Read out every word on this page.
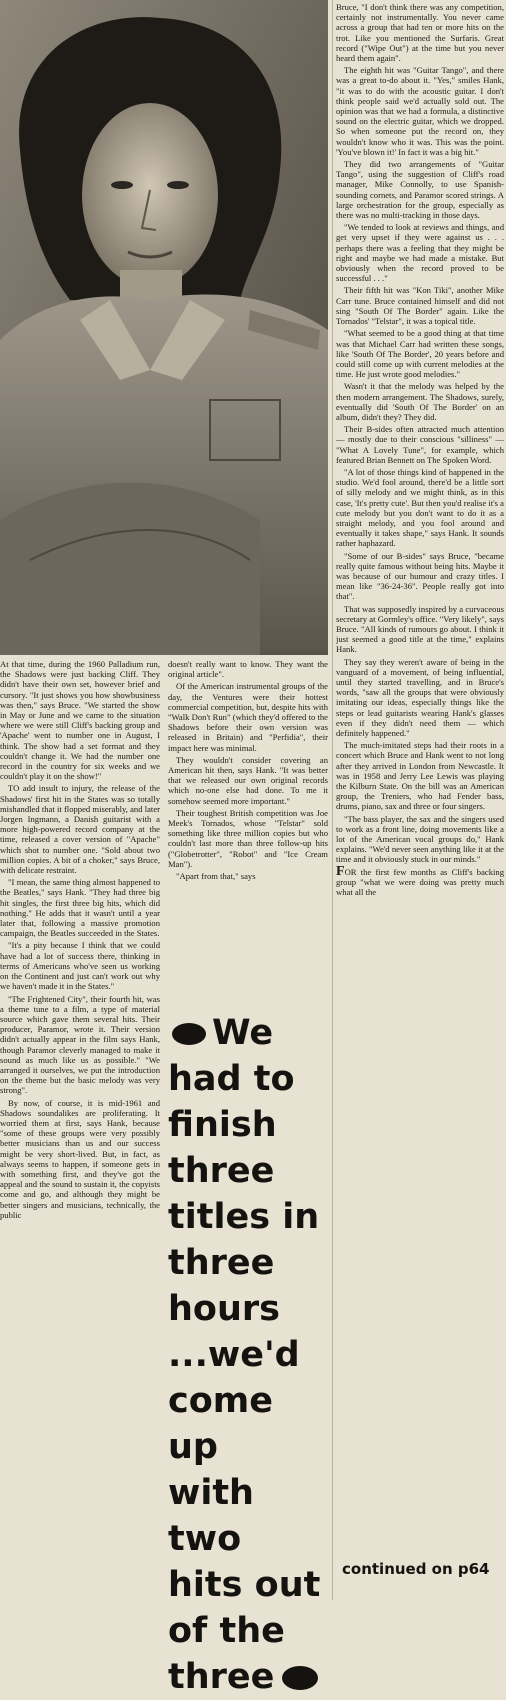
At that time, during the 1960 Palladium run, the Shadows were just backing Cliff. They didn't have their own set, however brief and cursory. "It just shows you how showbusiness was then," says Bruce. "We started the show in May or June and we came to the situation where we were still Cliff's backing group and 'Apache' went to number one in August, I think. The show had a set format and they couldn't change it. We had the number one record in the country for six weeks and we couldn't play it on the show!"

TO add insult to injury, the release of the Shadows' first hit in the States was so totally mishandled that it flopped miserably, and later Jorgen Ingmann, a Danish guitarist with a more high-powered record company at the time, released a cover version of "Apache" which shot to number one. "Sold about two million copies. A bit of a choker," says Bruce, with delicate restraint.

"I mean, the same thing almost happened to the Beatles," says Hank. "They had three big hit singles, the first three big hits, which did nothing." He adds that it wasn't until a year later that, following a massive promotion campaign, the Beatles succeeded in the States.

"It's a pity because I think that we could have had a lot of success there, thinking in terms of Americans who've seen us working on the Continent and just can't work out why we haven't made it in the States."

"The Frightened City", their fourth hit, was a theme tune to a film, a type of material source which gave them several hits. Their producer, Paramor, wrote it. Their version didn't actually appear in the film says Hank, though Paramor cleverly managed to make it sound as much like us as possible." "We arranged it ourselves, we put the introduction on the theme but the basic melody was very strong".

By now, of course, it is mid-1961 and Shadows soundalikes are proliferating. It worried them at first, says Hank, because "some of these groups were very possibly better musicians than us and our success might be very short-lived. But, in fact, as always seems to happen, if someone gets in with something first, and they've got the appeal and the sound to sustain it, the copyists come and go, and although they might be better singers and musicians, technically, the public

doesn't really want to know. They want the original article".

Of the American instrumental groups of the day, the Ventures were their hottest commercial competition, but, despite hits with "Walk Don't Run" (which they'd offered to the Shadows before their own version was released in Britain) and "Perfidia", their impact here was minimal.

They wouldn't consider covering an American hit then, says Hank. "It was better that we released our own original records which no-one else had done. To me it somehow seemed more important."

Their toughest British competition was Joe Meek's Tornados, whose "Telstar" sold something like three million copies but who couldn't last more than three follow-up hits ("Globetrotter", "Robot" and "Ice Cream Man").

"Apart from that," says

We
had to
finish
three
titles in
three
hours
...we'd
come up
with two
hits out
of the
three

Bruce, "I don't think there was any competition, certainly not instrumentally. You never came across a group that had ten or more hits on the trot. Like you mentioned the Surfaris. Great record ("Wipe Out") at the time but you never heard them again".

The eighth hit was "Guitar Tango", and there was a great to-do about it. "Yes," smiles Hank, "it was to do with the acoustic guitar. I don't think people said we'd actually sold out. The opinion was that we had a formula, a distinctive sound on the electric guitar, which we dropped. So when someone put the record on, they wouldn't know who it was. This was the point. 'You've blown it!' In fact it was a big hit."

They did two arrangements of "Guitar Tango", using the suggestion of Cliff's road manager, Mike Connolly, to use Spanish-sounding cornets, and Paramor scored strings. A large orchestration for the group, especially as there was no multi-tracking in those days.

"We tended to look at reviews and things, and get very upset if they were against us . . . perhaps there was a feeling that they might be right and maybe we had made a mistake. But obviously when the record proved to be successful . . ."

Their fifth hit was "Kon Tiki", another Mike Carr tune. Bruce contained himself and did not sing "South Of The Border" again. Like the Tornados' "Telstar", it was a topical title.

"What seemed to be a good thing at that time was that Michael Carr had written these songs, like 'South Of The Border', 20 years before and could still come up with current melodies at the time. He just wrote good melodies."

Wasn't it that the melody was helped by the then modern arrangement. The Shadows, surely, eventually did 'South Of The Border' on an album, didn't they? They did.

Their B-sides often attracted much attention — mostly due to their conscious "silliness" — "What A Lovely Tune", for example, which featured Brian Bennett on The Spoken Word.

"A lot of those things kind of happened in the studio. We'd fool around, there'd be a little sort of silly melody and we might think, as in this case, 'It's pretty cute'. But then you'd realise it's a cute melody but you don't want to do it as a straight melody, and you fool around and eventually it takes shape," says Hank. It sounds rather haphazard.

"Some of our B-sides" says Bruce, "became really quite famous without being hits. Maybe it was because of our humour and crazy titles. I mean like "36-24-36". People really got into that".

That was supposedly inspired by a curvaceous secretary at Gormley's office. "Very likely", says Bruce. "All kinds of rumours go about. I think it just seemed a good title at the time," explains Hank.

They say they weren't aware of being in the vanguard of a movement, of being influential, until they started travelling, and in Bruce's words, "saw all the groups that were obviously imitating our ideas, especially things like the steps or lead guitarists wearing Hank's glasses even if they didn't need them — which definitely happened."

The much-imitated steps had their roots in a concert which Bruce and Hank went to not long after they arrived in London from Newcastle. It was in 1958 and Jerry Lee Lewis was playing the Kilburn State. On the bill was an American group, the Treniers, who had Fender bass, drums, piano, sax and three or four singers.

"The bass player, the sax and the singers used to work as a front line, doing movements like a lot of the American vocal groups do," Hank explains. "We'd never seen anything like it at the time and it obviously stuck in our minds."

FOR the first few months as Cliff's backing group "what we were doing was pretty much what all the

continued on p64
